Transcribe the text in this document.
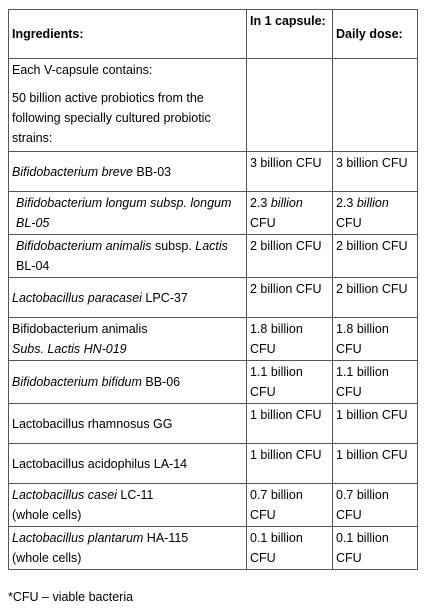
Ingredients:	In 1 capsule:	Daily dose:

Each V-capsule contains:

50 billion active probiotics from the following specially cultured probiotic strains:		

Bifidobacterium breve BB-03	3 billion CFU	3 billion CFU
Bifidobacterium longum subsp. longum BL-05	2.3 billion CFU	2.3 billion CFU
Bifidobacterium animalis subsp. Lactis BL-04	2 billion CFU	2 billion CFU
Lactobacillus paracasei LPC-37	2 billion CFU	2 billion CFU
Bifidobacterium animalis
Subs. Lactis HN-019	1.8 billion CFU	1.8 billion CFU
Bifidobacterium bifidum BB-06	1.1 billion CFU	1.1 billion CFU
Lactobacillus rhamnosus GG	1 billion CFU	1 billion CFU
Lactobacillus acidophilus LA-14	1 billion CFU	1 billion CFU
Lactobacillus casei LC-11
(whole cells)	0.7 billion CFU	0.7 billion CFU
Lactobacillus plantarum HA-115
(whole cells)	0.1 billion CFU	0.1 billion CFU
*CFU – viable bacteria
